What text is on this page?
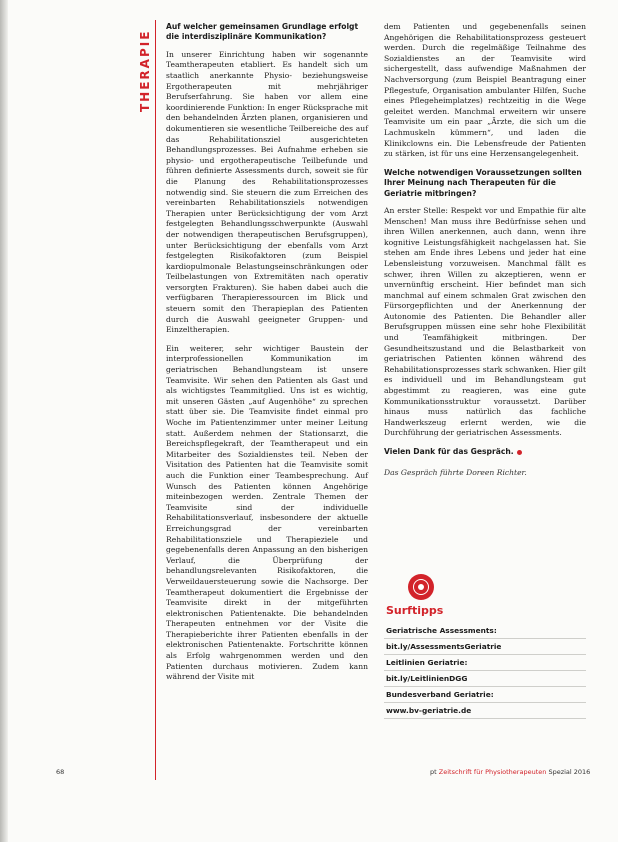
THERAPIE

Auf welcher gemeinsamen Grundlage erfolgt die interdisziplinäre Kommunikation?

In unserer Einrichtung haben wir sogenannte Teamtherapeuten etabliert. Es handelt sich um staatlich anerkannte Physio- beziehungsweise Ergotherapeuten mit mehrjähriger Berufserfahrung. Sie haben vor allem eine koordinierende Funktion: In enger Rücksprache mit den behandelnden Ärzten planen, organisieren und dokumentieren sie wesentliche Teilbereiche des auf das Rehabilitationsziel ausgerichteten Behandlungsprozesses. Bei Aufnahme erheben sie physio- und ergotherapeutische Teilbefunde und führen definierte Assessments durch, soweit sie für die Planung des Rehabilitationsprozesses notwendig sind. Sie steuern die zum Erreichen des vereinbarten Rehabilitationsziels notwendigen Therapien unter Berücksichtigung der vom Arzt festgelegten Behandlungsschwerpunkte (Auswahl der notwendigen therapeutischen Berufsgruppen), unter Berücksichtigung der ebenfalls vom Arzt festgelegten Risikofaktoren (zum Beispiel kardiopulmonale Belastungseinschränkungen oder Teilbelastungen von Extremitäten nach operativ versorgten Frakturen). Sie haben dabei auch die verfügbaren Therapieressourcen im Blick und steuern somit den Therapieplan des Patienten durch die Auswahl geeigneter Gruppen- und Einzeltherapien.

Ein weiterer, sehr wichtiger Baustein der interprofessionellen Kommunikation im geriatrischen Behandlungsteam ist unsere Teamvisite. Wir sehen den Patienten als Gast und als wichtigstes Teammitglied. Uns ist es wichtig, mit unseren Gästen „auf Augenhöhe“ zu sprechen statt über sie. Die Teamvisite findet einmal pro Woche im Patientenzimmer unter meiner Leitung statt. Außerdem nehmen der Stationsarzt, die Bereichspflegekraft, der Teamtherapeut und ein Mitarbeiter des Sozialdienstes teil. Neben der Visitation des Patienten hat die Teamvisite somit auch die Funktion einer Teambesprechung. Auf Wunsch des Patienten können Angehörige miteinbezogen werden. Zentrale Themen der Teamvisite sind der individuelle Rehabilitationsverlauf, insbesondere der aktuelle Erreichungsgrad der vereinbarten Rehabilitationsziele und Therapieziele und gegebenenfalls deren Anpassung an den bisherigen Verlauf, die Überprüfung der behandlungsrelevanten Risikofaktoren, die Verweildauersteuerung sowie die Nachsorge. Der Teamtherapeut dokumentiert die Ergebnisse der Teamvisite direkt in der mitgeführten elektronischen Patientenakte. Die behandelnden Therapeuten entnehmen vor der Visite die Therapieberichte ihrer Patienten ebenfalls in der elektronischen Patientenakte. Fortschritte können als Erfolg wahrgenommen werden und den Patienten durchaus motivieren. Zudem kann während der Visite mit

dem Patienten und gegebenenfalls seinen Angehörigen die Rehabilitationsprozess gesteuert werden. Durch die regelmäßige Teilnahme des Sozialdienstes an der Teamvisite wird sichergestellt, dass aufwendige Maßnahmen der Nachversorgung (zum Beispiel Beantragung einer Pflegestufe, Organisation ambulanter Hilfen, Suche eines Pflegeheimplatzes) rechtzeitig in die Wege geleitet werden. Manchmal erweitern wir unsere Teamvisite um ein paar „Ärzte, die sich um die Lachmuskeln kümmern“, und laden die Klinikclowns ein. Die Lebensfreude der Patienten zu stärken, ist für uns eine Herzensangelegenheit.

Welche notwendigen Voraussetzungen sollten Ihrer Meinung nach Therapeuten für die Geriatrie mitbringen?

An erster Stelle: Respekt vor und Empathie für alte Menschen! Man muss ihre Bedürfnisse sehen und ihren Willen anerkennen, auch dann, wenn ihre kognitive Leistungsfähigkeit nachgelassen hat. Sie stehen am Ende ihres Lebens und jeder hat eine Lebensleistung vorzuweisen. Manchmal fällt es schwer, ihren Willen zu akzeptieren, wenn er unvernünftig erscheint. Hier befindet man sich manchmal auf einem schmalen Grat zwischen den Fürsorgepflichten und der Anerkennung der Autonomie des Patienten. Die Behandler aller Berufsgruppen müssen eine sehr hohe Flexibilität und Teamfähigkeit mitbringen. Der Gesundheitszustand und die Belastbarkeit von geriatrischen Patienten können während des Rehabilitationsprozesses stark schwanken. Hier gilt es individuell und im Behandlungsteam gut abgestimmt zu reagieren, was eine gute Kommunikationsstruktur voraussetzt. Darüber hinaus muss natürlich das fachliche Handwerkszeug erlernt werden, wie die Durchführung der geriatrischen Assessments.

Vielen Dank für das Gespräch.

Das Gespräch führte Doreen Richter.

Surftipps
Geriatrische Assessments:
bit.ly/AssessmentsGeriatrie
Leitlinien Geriatrie:
bit.ly/LeitlinienDGG
Bundesverband Geriatrie:
www.bv-geriatrie.de
68	pt Zeitschrift für Physiotherapeuten Spezial 2016
